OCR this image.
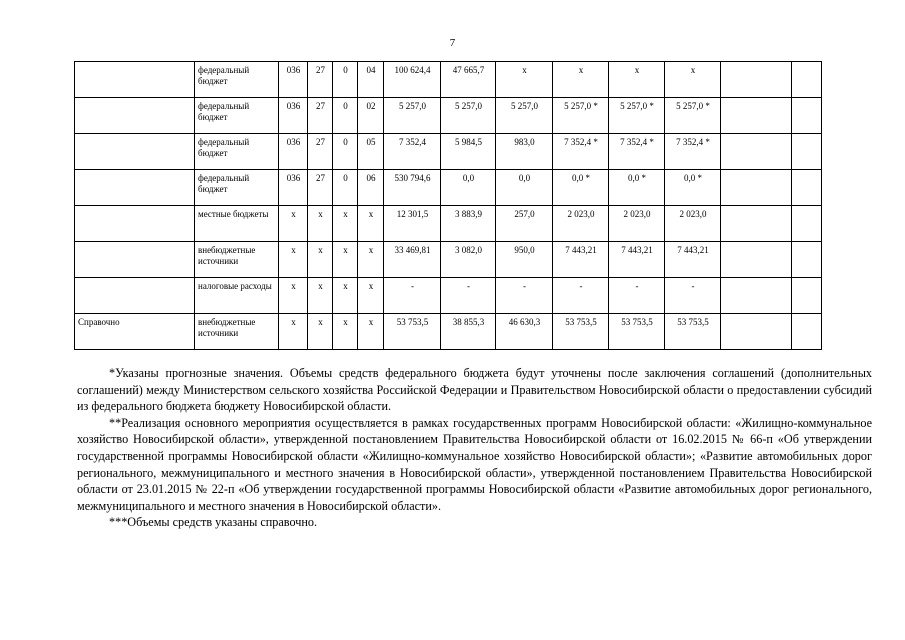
7
	федеральный бюджет	036	27	0	04	100 624,4	47 665,7	х	х	х	х		
	федеральный бюджет	036	27	0	02	5 257,0	5 257,0	5 257,0	5 257,0 *	5 257,0 *	5 257,0 *		
	федеральный бюджет	036	27	0	05	7 352,4	5 984,5	983,0	7 352,4 *	7 352,4 *	7 352,4 *		
	федеральный бюджет	036	27	0	06	530 794,6	0,0	0,0	0,0 *	0,0 *	0,0 *		
	местные бюджеты	х	х	х	х	12 301,5	3 883,9	257,0	2 023,0	2 023,0	2 023,0		
	внебюджетные источники	х	х	х	х	33 469,81	3 082,0	950,0	7 443,21	7 443,21	7 443,21		
	налоговые расходы	х	х	х	х	-	-	-	-	-	-		
Справочно	внебюджетные источники	х	х	х	х	53 753,5	38 855,3	46 630,3	53 753,5	53 753,5	53 753,5		

*Указаны прогнозные значения. Объемы средств федерального бюджета будут уточнены после заключения соглашений (дополнительных соглашений) между Министерством сельского хозяйства Российской Федерации и Правительством Новосибирской области о предоставлении субсидий из федерального бюджета бюджету Новосибирской области.

**Реализация основного мероприятия осуществляется в рамках государственных программ Новосибирской области: «Жилищно-коммунальное хозяйство Новосибирской области», утвержденной постановлением Правительства Новосибирской области от 16.02.2015 № 66-п «Об утверждении государственной программы Новосибирской области «Жилищно-коммунальное хозяйство Новосибирской области»; «Развитие автомобильных дорог регионального, межмуниципального и местного значения в Новосибирской области», утвержденной постановлением Правительства Новосибирской области от 23.01.2015 № 22-п «Об утверждении государственной программы Новосибирской области «Развитие автомобильных дорог регионального, межмуниципального и местного значения в Новосибирской области».

***Объемы средств указаны справочно.
